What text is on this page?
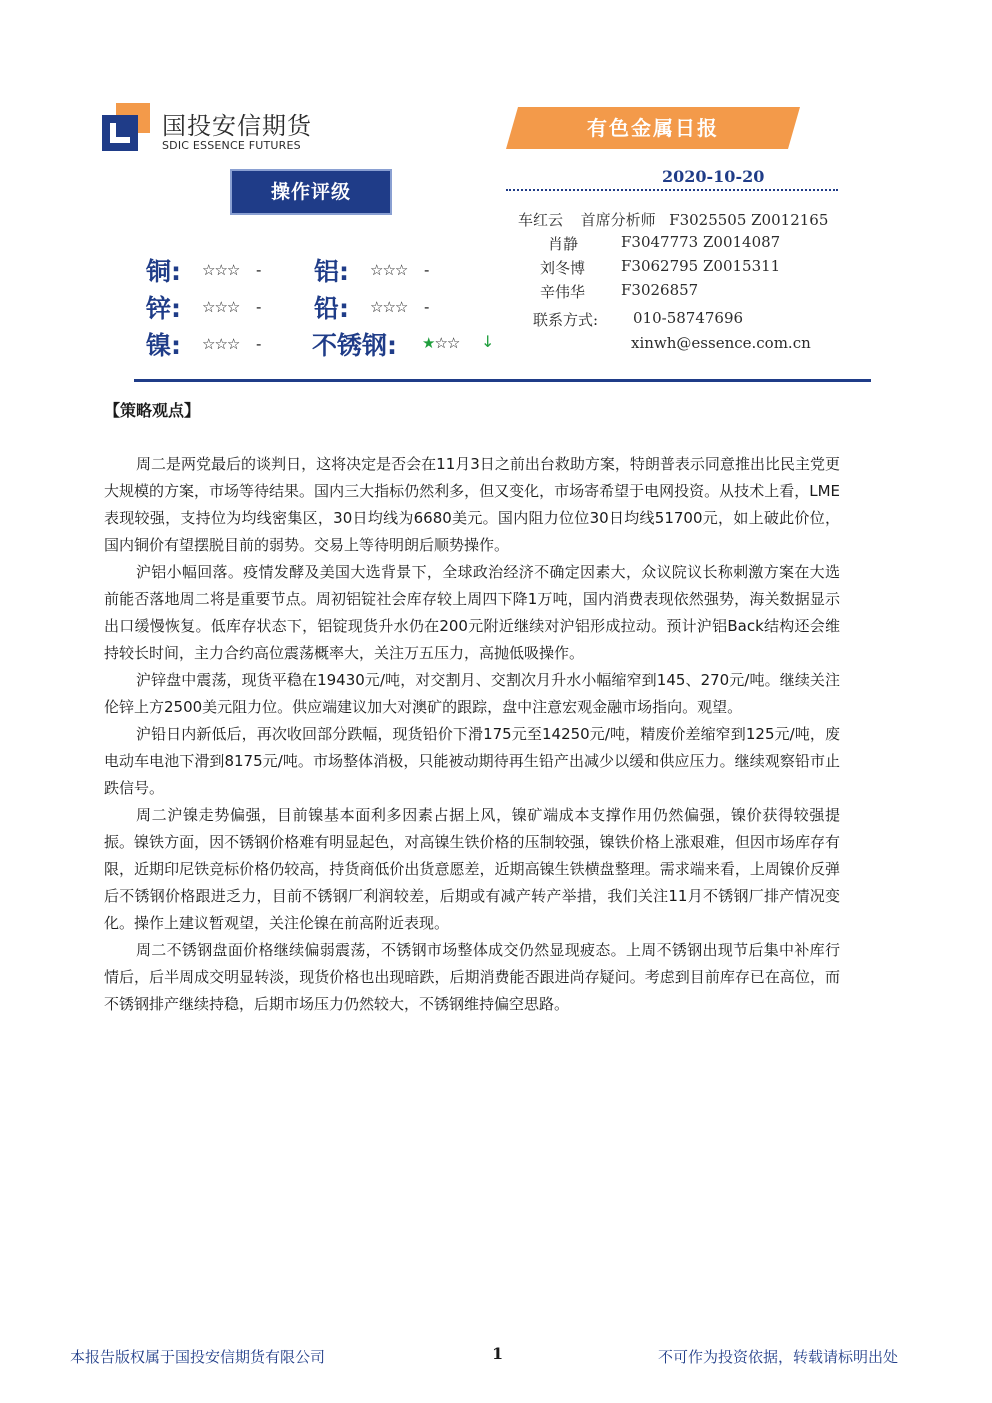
国投安信期货
SDIC ESSENCE FUTURES
有色金属日报
2020-10-20
车红云 首席分析师 F3025505 Z0012165
肖静	F3047773 Z0014087
刘冬博 F3062795 Z0015311
辛伟华 F3026857
联系方式: 010-58747696
xinwh@essence.com.cn
操作评级
铜: ☆☆☆ - 铝: ☆☆☆ -
锌: ☆☆☆ - 铅: ☆☆☆ -
镍: ☆☆☆ - 不锈钢: ★☆☆ ↓
【策略观点】

周二是两党最后的谈判日，这将决定是否会在11月3日之前出台救助方案，特朗普表示同意推出比民主党更大规模的方案，市场等待结果。国内三大指标仍然利多，但又变化，市场寄希望于电网投资。从技术上看，LME表现较强，支持位为均线密集区，30日均线为6680美元。国内阻力位位30日均线51700元，如上破此价位，国内铜价有望摆脱目前的弱势。交易上等待明朗后顺势操作。

沪铝小幅回落。疫情发酵及美国大选背景下，全球政治经济不确定因素大，众议院议长称刺激方案在大选前能否落地周二将是重要节点。周初铝锭社会库存较上周四下降1万吨，国内消费表现依然强势，海关数据显示出口缓慢恢复。低库存状态下，铝锭现货升水仍在200元附近继续对沪铝形成拉动。预计沪铝Back结构还会维持较长时间，主力合约高位震荡概率大，关注万五压力，高抛低吸操作。

沪锌盘中震荡，现货平稳在19430元/吨，对交割月、交割次月升水小幅缩窄到145、270元/吨。继续关注伦锌上方2500美元阻力位。供应端建议加大对澳矿的跟踪，盘中注意宏观金融市场指向。观望。

沪铅日内新低后，再次收回部分跌幅，现货铅价下滑175元至14250元/吨，精废价差缩窄到125元/吨，废电动车电池下滑到8175元/吨。市场整体消极，只能被动期待再生铅产出减少以缓和供应压力。继续观察铅市止跌信号。

周二沪镍走势偏强，目前镍基本面利多因素占据上风，镍矿端成本支撑作用仍然偏强，镍价获得较强提振。镍铁方面，因不锈钢价格难有明显起色，对高镍生铁价格的压制较强，镍铁价格上涨艰难，但因市场库存有限，近期印尼铁竞标价格仍较高，持货商低价出货意愿差，近期高镍生铁横盘整理。需求端来看，上周镍价反弹后不锈钢价格跟进乏力，目前不锈钢厂利润较差，后期或有减产转产举措，我们关注11月不锈钢厂排产情况变化。操作上建议暂观望，关注伦镍在前高附近表现。

周二不锈钢盘面价格继续偏弱震荡，不锈钢市场整体成交仍然显现疲态。上周不锈钢出现节后集中补库行情后，后半周成交明显转淡，现货价格也出现暗跌，后期消费能否跟进尚存疑问。考虑到目前库存已在高位，而不锈钢排产继续持稳，后期市场压力仍然较大，不锈钢维持偏空思路。

本报告版权属于国投安信期货有限公司	1	不可作为投资依据，转载请标明出处
